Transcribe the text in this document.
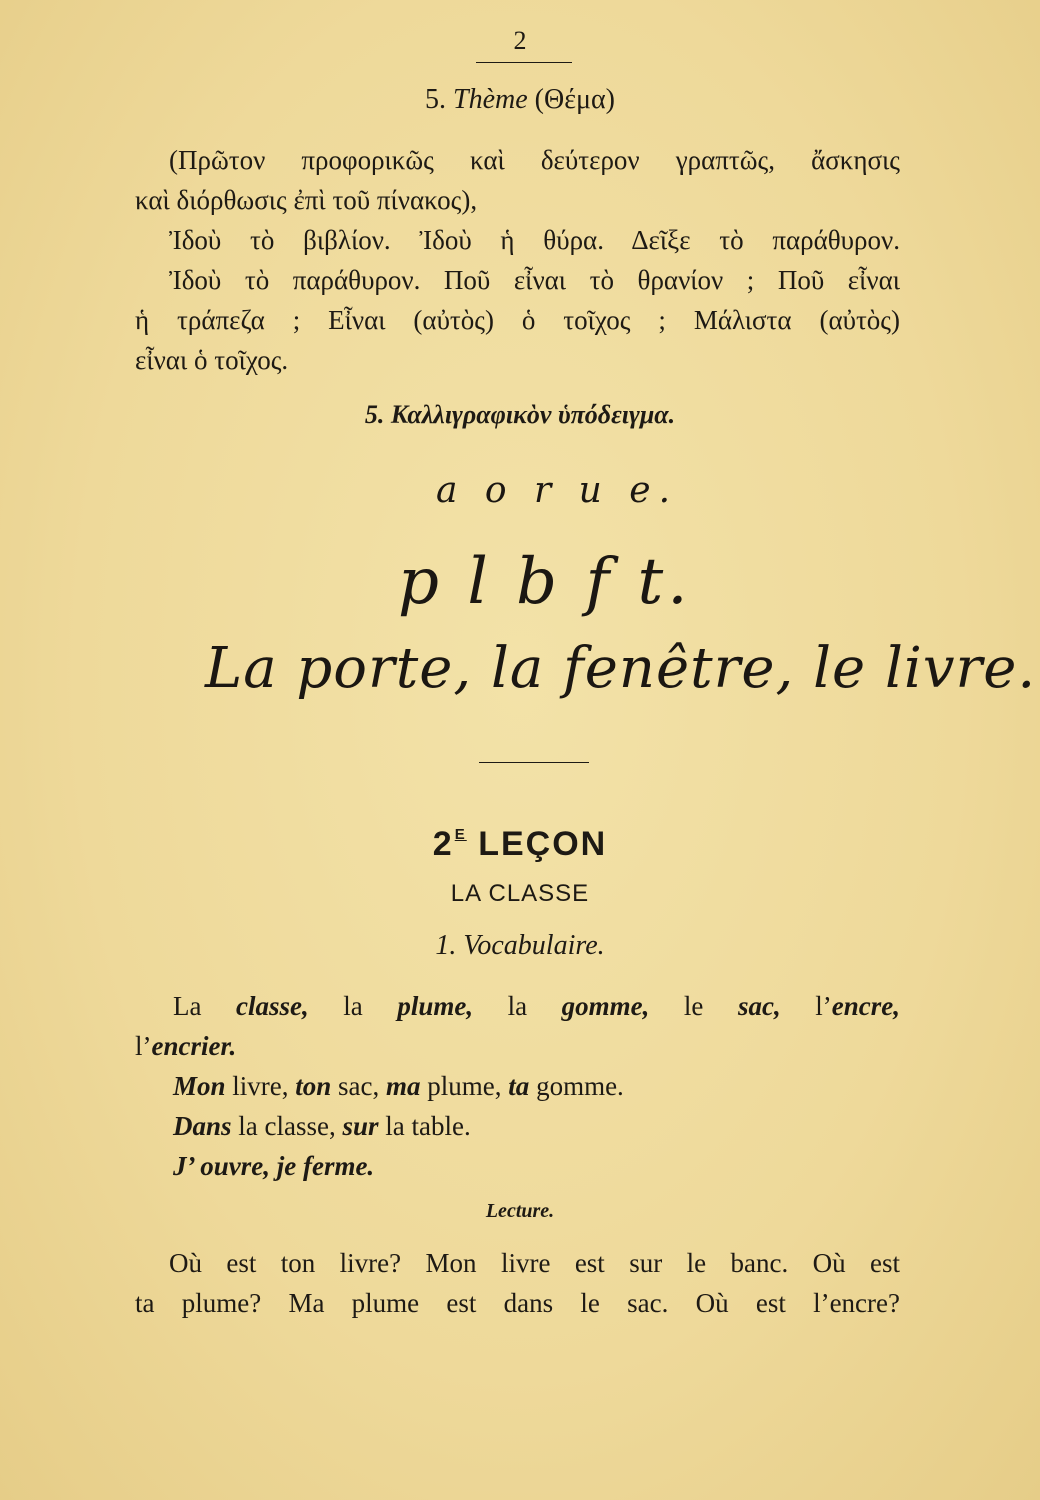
2
5. Thème (Θέμα)
(Πρῶτον προφορικῶς καὶ δεύτερον γραπτῶς, ἄσκησις
καὶ διόρθωσις ἐπὶ τοῦ πίνακος),
Ἰδοὺ τὸ βιβλίον. Ἰδοὺ ἡ θύρα. Δεῖξε τὸ παράθυρον.
Ἰδοὺ τὸ παράθυρον. Ποῦ εἶναι τὸ θρανίον ; Ποῦ εἶναι
ἡ τράπεζα ; Εἶναι (αὐτὸς) ὁ τοῖχος ; Μάλιστα (αὐτὸς)
εἶναι ὁ τοῖχος.
5. Καλλιγραφικὸν ὑπόδειγμα.
a o r u e.
p l b f t.
La porte, la fenêtre, le livre.
$2^E$ LEÇON
LA CLASSE
1. Vocabulaire.
La classe, la plume, la gomme, le sac, l’encre,
l’encrier.
Mon livre, ton sac, ma plume, ta gomme.
Dans la classe, sur la table.
J’ ouvre, je ferme.
Lecture.
Où est ton livre? Mon livre est sur le banc. Où est
ta plume? Ma plume est dans le sac. Où est l’encre?
